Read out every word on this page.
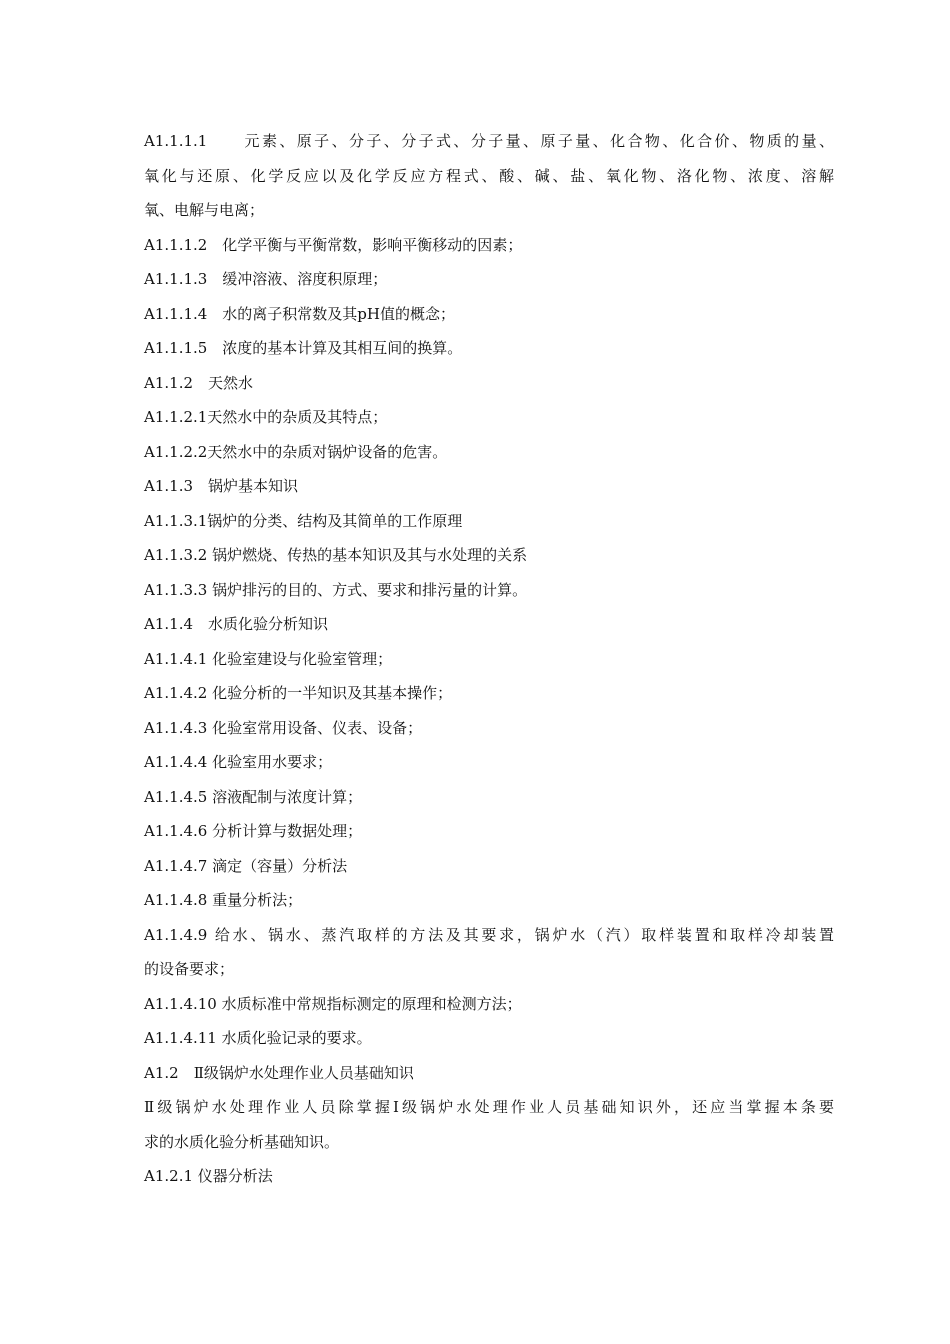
A1.1.1.1　　元素、原子、分子、分子式、分子量、原子量、化合物、化合价、物质的量、
氧化与还原、化学反应以及化学反应方程式、酸、碱、盐、氧化物、洛化物、浓度、溶解
氧、电解与电离；
A1.1.1.2　化学平衡与平衡常数，影响平衡移动的因素；
A1.1.1.3　缓冲溶液、溶度积原理；
A1.1.1.4　水的离子积常数及其pH值的概念；
A1.1.1.5　浓度的基本计算及其相互间的换算。
A1.1.2　天然水
A1.1.2.1天然水中的杂质及其特点；
A1.1.2.2天然水中的杂质对锅炉设备的危害。
A1.1.3　锅炉基本知识
A1.1.3.1锅炉的分类、结构及其简单的工作原理
A1.1.3.2 锅炉燃烧、传热的基本知识及其与水处理的关系
A1.1.3.3 锅炉排污的目的、方式、要求和排污量的计算。
A1.1.4　水质化验分析知识
A1.1.4.1 化验室建设与化验室管理；
A1.1.4.2 化验分析的一半知识及其基本操作；
A1.1.4.3 化验室常用设备、仪表、设备；
A1.1.4.4 化验室用水要求；
A1.1.4.5 溶液配制与浓度计算；
A1.1.4.6 分析计算与数据处理；
A1.1.4.7 滴定（容量）分析法
A1.1.4.8 重量分析法；
A1.1.4.9 给水、锅水、蒸汽取样的方法及其要求，锅炉水（汽）取样装置和取样冷却装置
的设备要求；
A1.1.4.10 水质标准中常规指标测定的原理和检测方法；
A1.1.4.11 水质化验记录的要求。
A1.2　Ⅱ级锅炉水处理作业人员基础知识
Ⅱ级锅炉水处理作业人员除掌握Ⅰ级锅炉水处理作业人员基础知识外，还应当掌握本条要
求的水质化验分析基础知识。
A1.2.1 仪器分析法
